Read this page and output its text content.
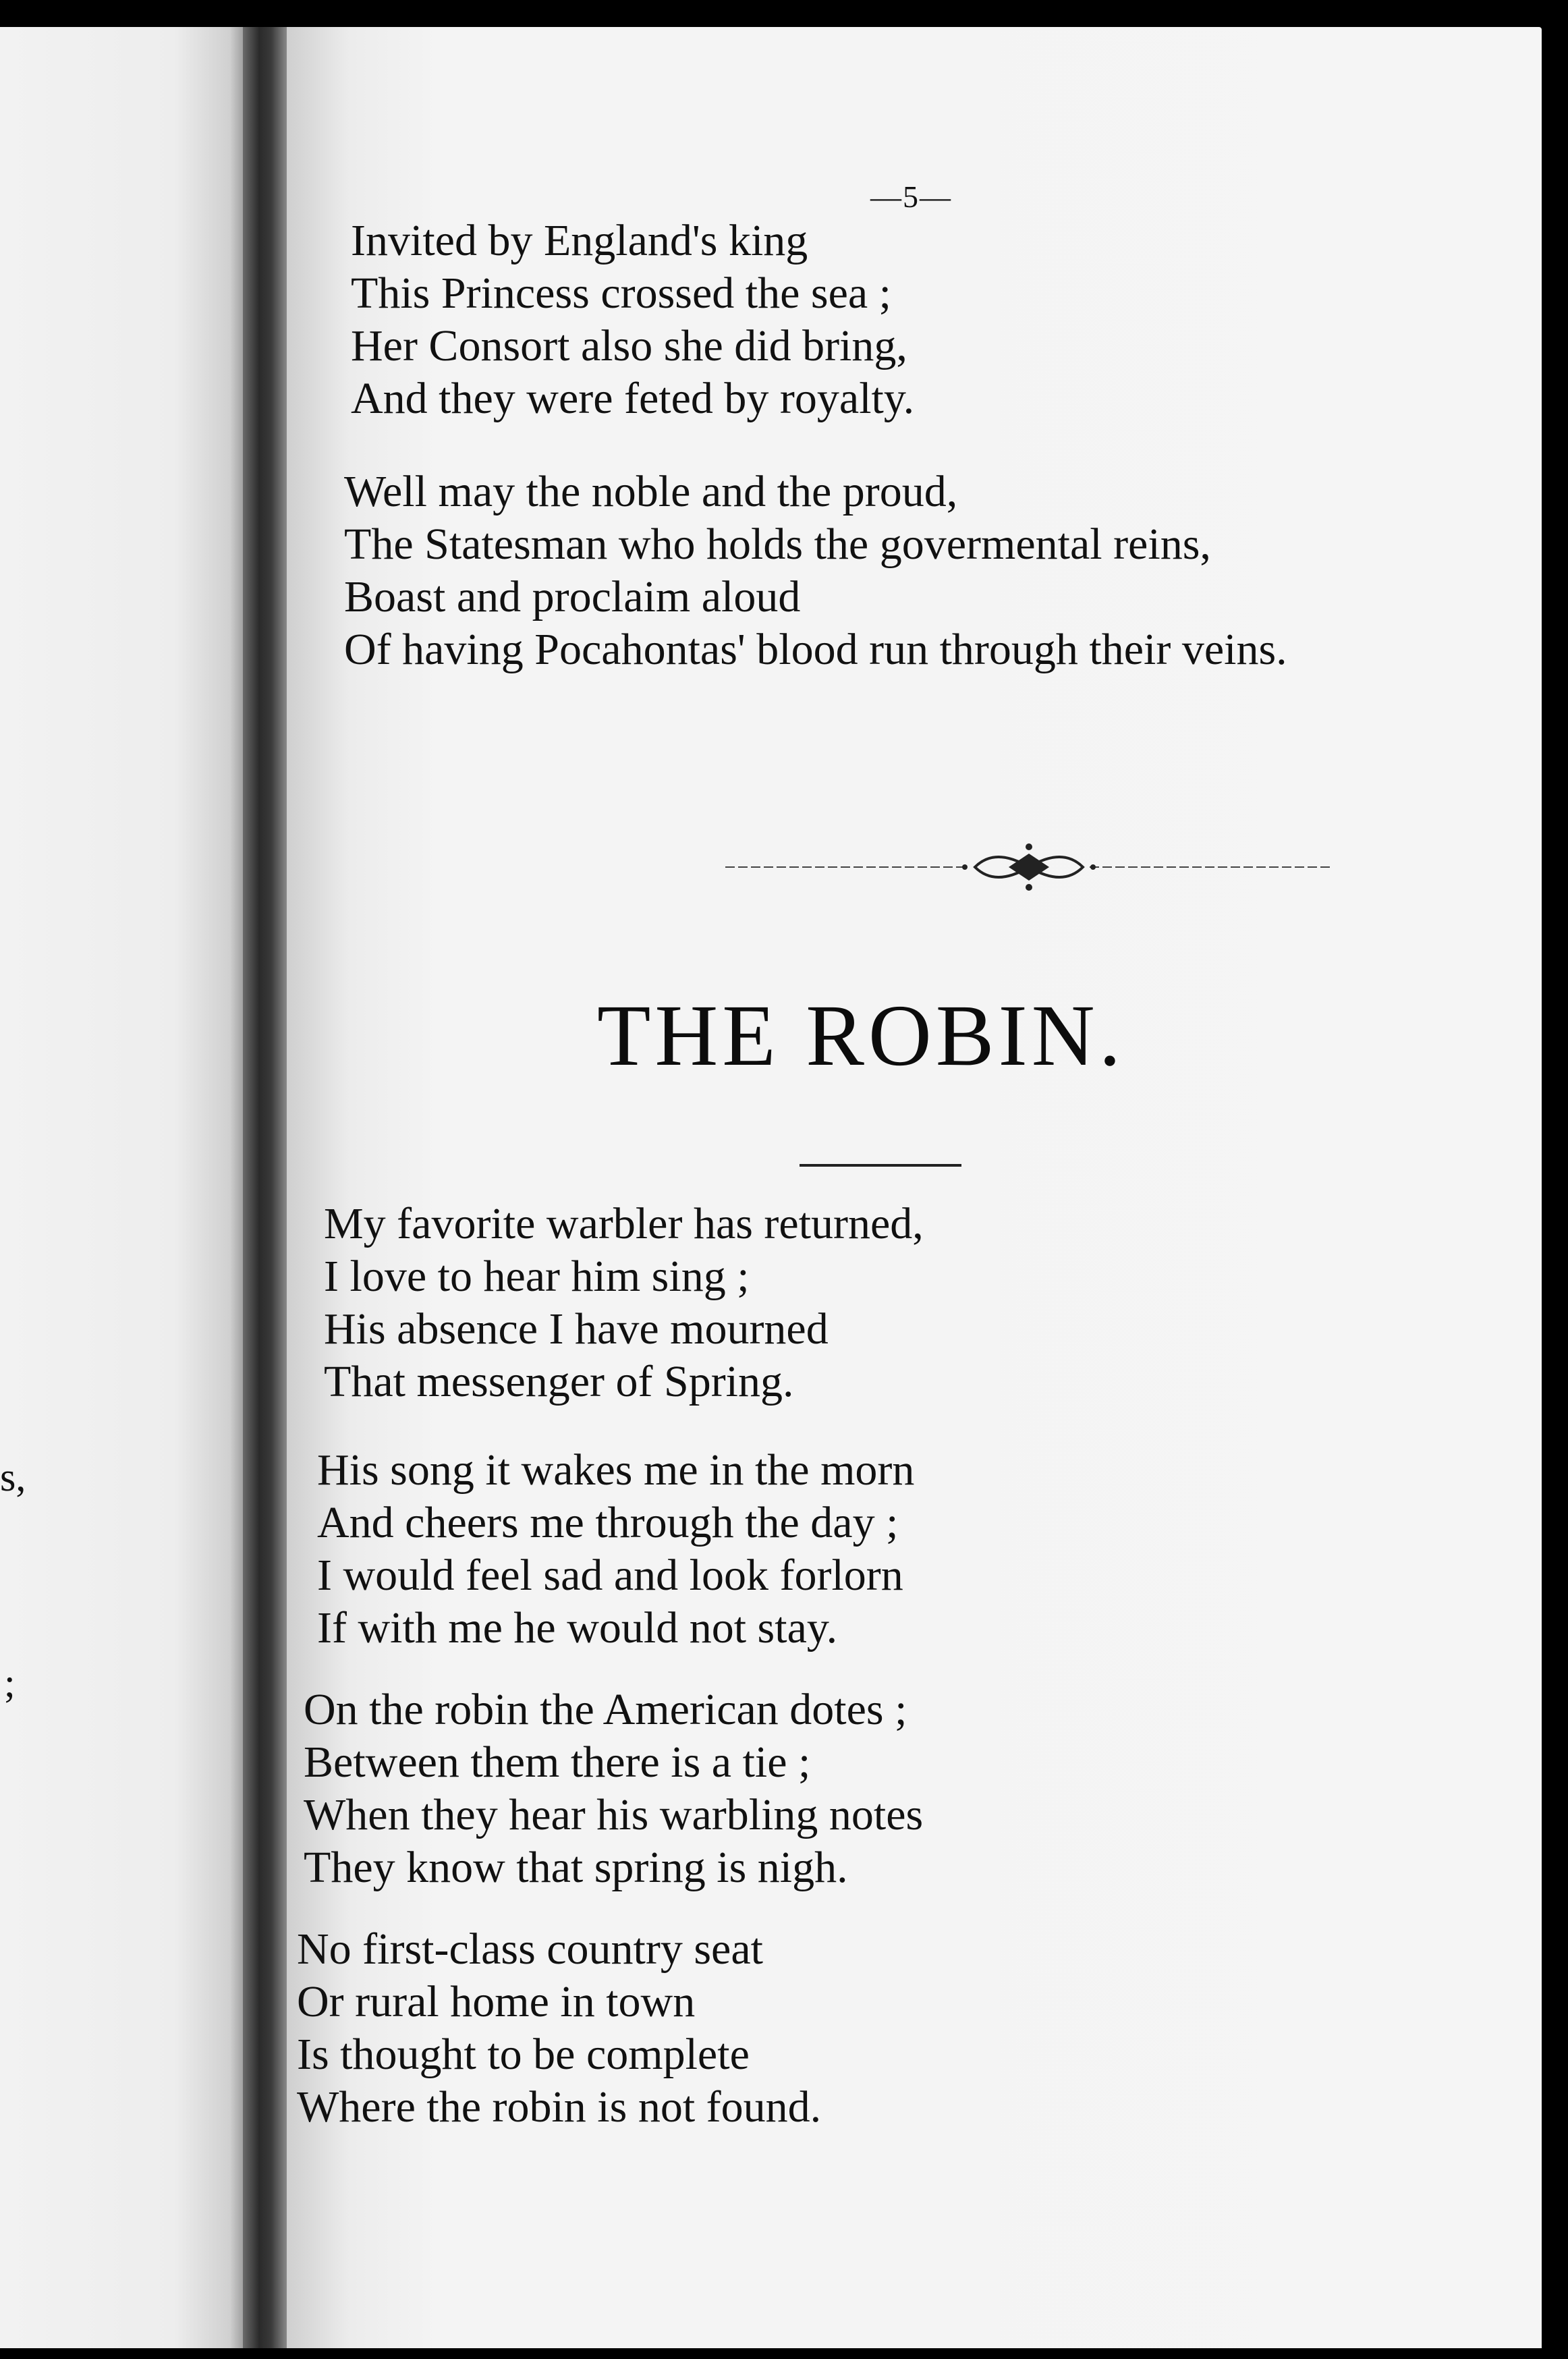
s,
;
—5—
Invited by England's king
This Princess crossed the sea ;
Her Consort also she did bring,
And they were feted by royalty.
Well may the noble and the proud,
The Statesman who holds the govermental reins,
Boast and proclaim aloud
Of having Pocahontas' blood run through their veins.
THE ROBIN.
My favorite warbler has returned,
I love to hear him sing ;
His absence I have mourned
That messenger of Spring.
His song it wakes me in the morn
And cheers me through the day ;
I would feel sad and look forlorn
If with me he would not stay.
On the robin the American dotes ;
Between them there is a tie ;
When they hear his warbling notes
They know that spring is nigh.
No first-class country seat
Or rural home in town
Is thought to be complete
Where the robin is not found.
